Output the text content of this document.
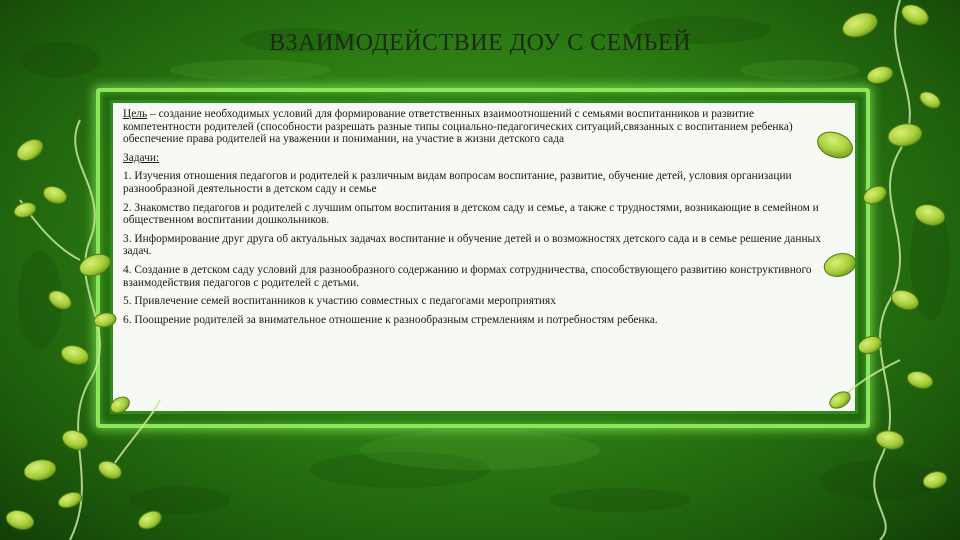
ВЗАИМОДЕЙСТВИЕ ДОУ С СЕМЬЕЙ

Цель – создание необходимых условий для формирование ответственных взаимоотношений с семьями воспитанников и развитие компетентности родителей (способности разрешать разные типы социально-педагогических ситуаций,связанных с воспитанием ребенка) обеспечение права родителей на уважении и понимании, на участие в жизни детского сада

Задачи:

1. Изучения отношения педагогов и родителей к различным видам вопросам воспитание, развитие, обучение детей, условия организации разнообразной деятельности в детском саду и семье

2. Знакомство педагогов и родителей с лучшим опытом воспитания в детском саду и семье, а также с трудностями, возникающие в семейном и общественном воспитании дошкольников.

3. Информирование друг друга об актуальных задачах воспитание и обучение детей и о возможностях детского сада и в семье решение данных задач.

4. Создание в детском саду условий для разнообразного содержанию и формах сотрудничества, способствующего развитию конструктивного взаимодействия педагогов с родителей с детьми.

5. Привлечение семей воспитанников к участию совместных с педагогами мероприятиях

6. Поощрение родителей за внимательное отношение к разнообразным стремлениям и потребностям ребенка.
